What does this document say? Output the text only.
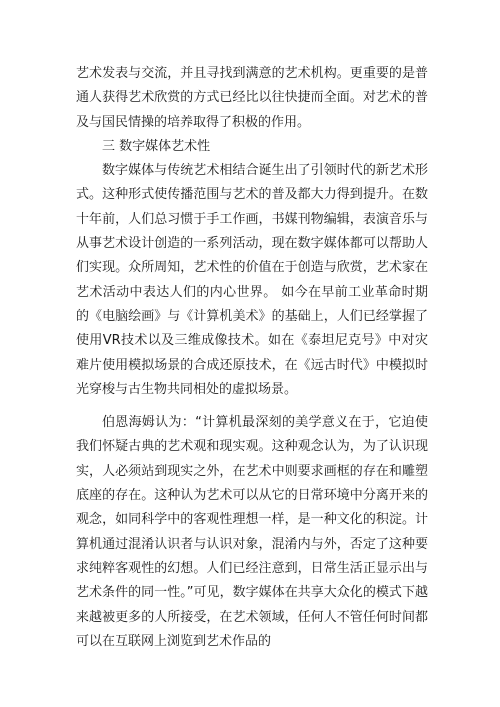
艺术发表与交流，并且寻找到满意的艺术机构。更重要的是普通人获得艺术欣赏的方式已经比以往快捷而全面。对艺术的普及与国民情操的培养取得了积极的作用。

三 数字媒体艺术性

数字媒体与传统艺术相结合诞生出了引领时代的新艺术形式。这种形式使传播范围与艺术的普及都大力得到提升。在数十年前，人们总习惯于手工作画，书媒刊物编辑，表演音乐与从事艺术设计创造的一系列活动，现在数字媒体都可以帮助人们实现。众所周知，艺术性的价值在于创造与欣赏，艺术家在艺术活动中表达人们的内心世界。 如今在早前工业革命时期的《电脑绘画》与《计算机美术》的基础上，人们已经掌握了使用VR技术以及三维成像技术。如在《泰坦尼克号》中对灾难片使用模拟场景的合成还原技术，在《远古时代》中模拟时光穿梭与古生物共同相处的虚拟场景。

伯恩海姆认为：“计算机最深刻的美学意义在于，它迫使我们怀疑古典的艺术观和现实观。这种观念认为，为了认识现实，人必须站到现实之外，在艺术中则要求画框的存在和雕塑底座的存在。这种认为艺术可以从它的日常环境中分离开来的观念，如同科学中的客观性理想一样，是一种文化的积淀。计算机通过混淆认识者与认识对象，混淆内与外，否定了这种要求纯粹客观性的幻想。人们已经注意到，日常生活正显示出与艺术条件的同一性。”可见，数字媒体在共享大众化的模式下越来越被更多的人所接受，在艺术领域，任何人不管任何时间都可以在互联网上浏览到艺术作品的
